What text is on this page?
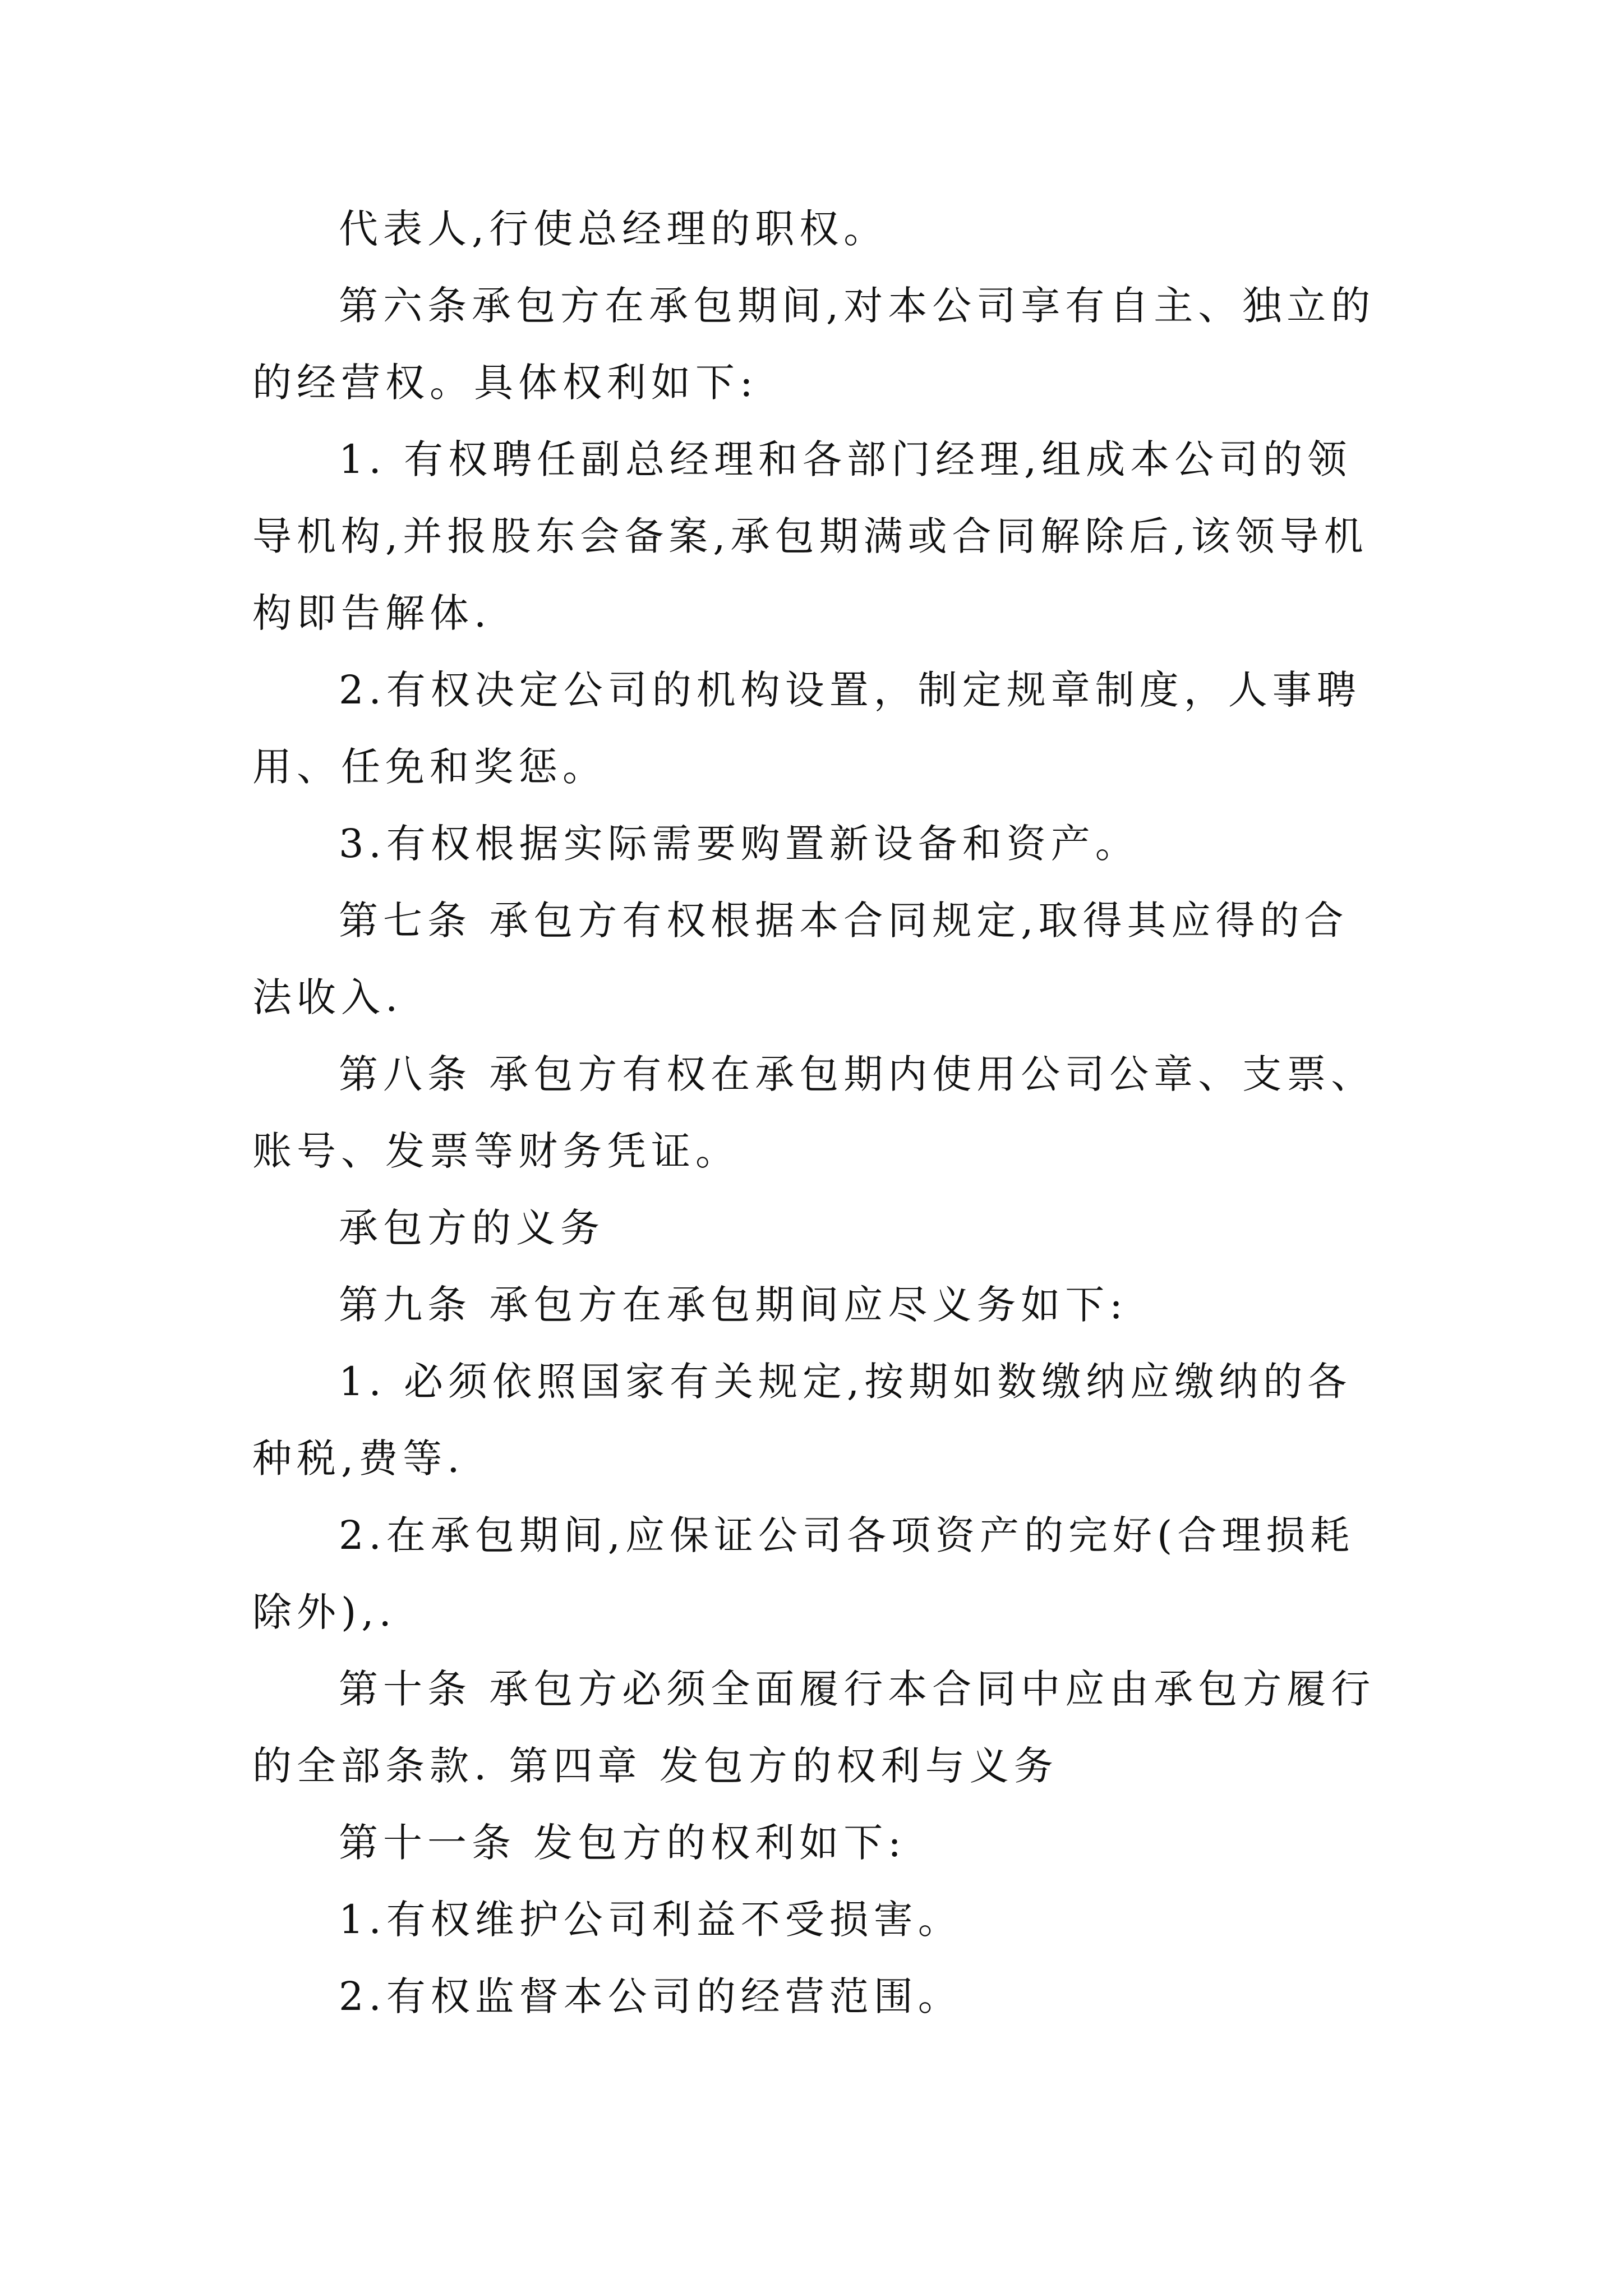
代表人,行使总经理的职权。

第六条承包方在承包期间,对本公司享有自主、独立的的经营权。具体权利如下:

1. 有权聘任副总经理和各部门经理,组成本公司的领导机构,并报股东会备案,承包期满或合同解除后,该领导机构即告解体.

2.有权决定公司的机构设置，制定规章制度，人事聘用、任免和奖惩。

3.有权根据实际需要购置新设备和资产。

第七条 承包方有权根据本合同规定,取得其应得的合法收入.

第八条 承包方有权在承包期内使用公司公章、支票、账号、发票等财务凭证。

承包方的义务

第九条 承包方在承包期间应尽义务如下:

1. 必须依照国家有关规定,按期如数缴纳应缴纳的各种税,费等.

2.在承包期间,应保证公司各项资产的完好(合理损耗除外),.

第十条 承包方必须全面履行本合同中应由承包方履行的全部条款. 第四章 发包方的权利与义务

第十一条 发包方的权利如下:

1.有权维护公司利益不受损害。

2.有权监督本公司的经营范围。
